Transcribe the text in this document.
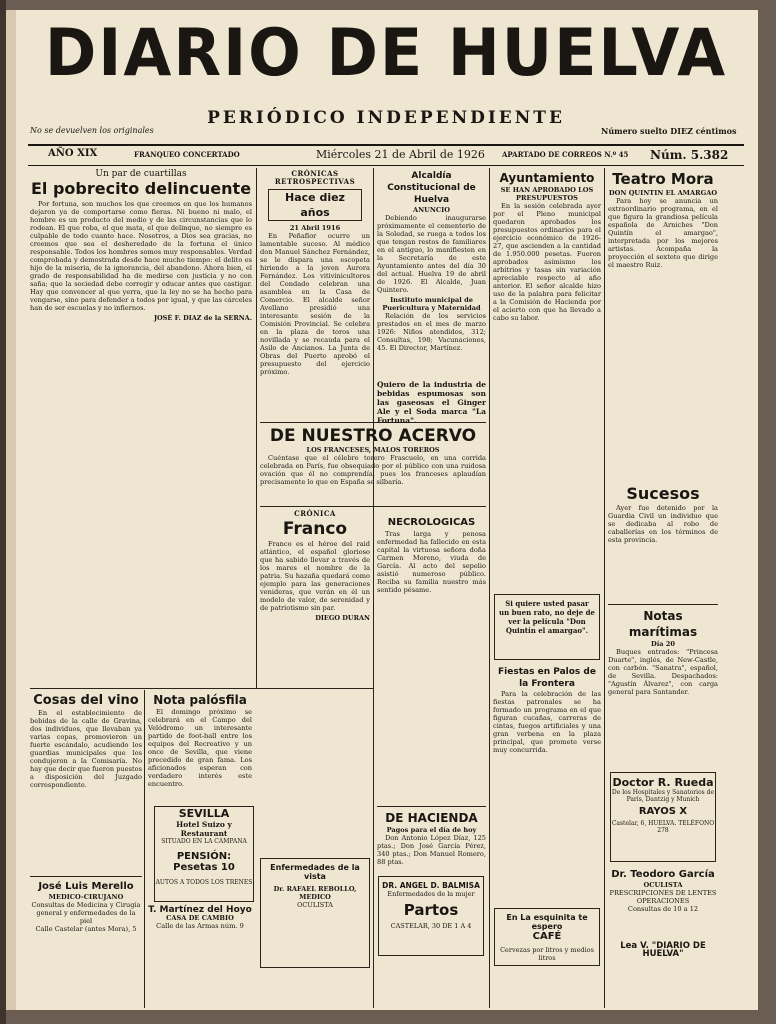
DIARIO DE HUELVA
PERIÓDICO INDEPENDIENTE
No se devuelven los originales	Número suelto DIEZ céntimos
AÑO XIX	FRANQUEO CONCERTADO	Miércoles 21 de Abril de 1926 APARTADO DE CORREOS N.º 45 Núm. 5.382
Un par de cuartillas
El pobrecito delincuente

Por fortuna, son muchos los que creemos en que los humanos dejaron ya de comportarse como fieras. Ni bueno ni malo, el hombre es un producto del medio y de las circunstancias que lo rodean. El que roba, el que mata, el que delinque, no siempre es culpable de todo cuanto hace. Nosotros, a Dios sea gracias, no creemos que sea el desheredado de la fortuna el único responsable. Todos los hombres somos muy responsables. Verdad comprobada y demostrada desde hace mucho tiempo: el delito es hijo de la miseria, de la ignorancia, del abandono. Ahora bien, el grado de responsabilidad ha de medirse con justicia y no con saña; que la sociedad debe corregir y educar antes que castigar. Hay que convencer al que yerra, que la ley no se ha hecho para vengarse, sino para defender a todos por igual, y que las cárceles han de ser escuelas y no infiernos.

JOSÉ F. DIAZ de la SERNA.
Cosas del vino

En el establecimiento de bebidas de la calle de Gravina, dos individuos, que llevaban ya varias copas, promovieron un fuerte escándalo, acudiendo los guardias municipales que los condujeron a la Comisaría. No hay que decir que fueron puestos a disposición del Juzgado correspondiente.

José Luis Merello
MEDICO-CIRUJANO
Consultas de Medicina y Cirugía general y enfermedades de la piel
Calle Castelar (antes Mora), 5
CRÓNICAS RETROSPECTIVAS
Hace diez años
21 Abril 1916

En Peñaflor ocurre un lamentable suceso. Al médico don Manuel Sánchez Fernández, se le dispara una escopeta hiriendo a la joven Aurora Fernández. Los vitivinicultores del Condado celebran una asamblea en la Casa de Comercio. El alcalde señor Avellano presidió una interesante sesión de la Comisión Provincial. Se celebra en la plaza de toros una novillada y se recauda para el Asilo de Ancianos. La Junta de Obras del Puerto aprobó el presupuesto del ejercicio próximo.

Nota palósfila

El domingo próximo se celebrará en el Campo del Velódromo un interesante partido de foot-ball entre los equipos del Recreativo y un once de Sevilla, que viene precedido de gran fama. Los aficionados esperan con verdadero interés este encuentro.

SEVILLA
Hotel Suizo y Restaurant
SITUADO EN LA CAMPANA
PENSIÓN: Pesetas 10
AUTOS A TODOS LOS TRENES
T. Martínez del Hoyo
CASA DE CAMBIO
Calle de las Armas núm. 9
DE NUESTRO ACERVO
LOS FRANCESES, MALOS TOREROS

Cuéntase que el célebre torero Frascuelo, en una corrida celebrada en París, fue obsequiado por el público con una ruidosa ovación que él no comprendía, pues los franceses aplaudían precisamente lo que en España se silbaría.

CRÓNICA
Franco

Franco es el héroe del raid atlántico, el español glorioso que ha sabido llevar a través de los mares el nombre de la patria. Su hazaña quedará como ejemplo para las generaciones venideras, que verán en él un modelo de valor, de serenidad y de patriotismo sin par.

DIEGO DURAN
Enfermedades de la vista
Dr. RAFAEL REBOLLO, MEDICO
OCULISTA
Alcaldía Constitucional de Huelva
ANUNCIO

Debiendo inaugurarse próximamente el cementerio de la Soledad, se ruega a todos los que tengan restos de familiares en el antiguo, lo manifiesten en la Secretaría de este Ayuntamiento antes del día 30 del actual. Huelva 19 de abril de 1926. El Alcalde, Juan Quintero.

Instituto municipal de Puericultura y Maternidad

Relación de los servicios prestados en el mes de marzo 1926: Niños atendidos, 312; Consultas, 198; Vacunaciones, 45. El Director, Martínez.

Quiero de la industria de bebidas espumosas son las gaseosas el Ginger Ale y el Soda marca "La Fortuna".
NECROLOGICAS

Tras larga y penosa enfermedad ha fallecido en esta capital la virtuosa señora doña Carmen Moreno, viuda de García. Al acto del sepelio asistió numeroso público. Reciba su familia nuestro más sentido pésame.

DE HACIENDA
Pagos para el día de hoy

Don Antonio López Díaz, 125 ptas.; Don José García Pérez, 340 ptas.; Don Manuel Romero, 88 ptas.

DR. ANGEL D. BALMISA
Enfermedades de la mujer
Partos
CASTELAR, 30 DE 1 A 4
Ayuntamiento
SE HAN APROBADO LOS PRESUPUESTOS

En la sesión celebrada ayer por el Pleno municipal quedaron aprobados los presupuestos ordinarios para el ejercicio económico de 1926-27, que ascienden a la cantidad de 1.950.000 pesetas. Fueron aprobados asimismo los arbitrios y tasas sin variación apreciable respecto al año anterior. El señor alcalde hizo uso de la palabra para felicitar a la Comisión de Hacienda por el acierto con que ha llevado a cabo su labor.

Si quiere usted pasar un buen rato, no deje de ver la película "Don Quintín el amargao".
Fiestas en Palos de la Frontera

Para la celebración de las fiestas patronales se ha formado un programa en el que figuran cucañas, carreras de cintas, fuegos artificiales y una gran verbena en la plaza principal, que promete verse muy concurrida.

En La esquinita te espero
CAFÉ
Cervezas por litros y medios litros
Teatro Mora
DON QUINTIN EL AMARGAO

Para hoy se anuncia un extraordinario programa, en el que figura la grandiosa película española de Arniches "Don Quintín el amargao", interpretada por los mejores artistas. Acompaña la proyección el sexteto que dirige el maestro Ruiz.

Sucesos

Ayer fue detenido por la Guardia Civil un individuo que se dedicaba al robo de caballerías en los términos de esta provincia.

Notas marítimas
Día 20

Buques entrados: "Princesa Duarte", inglés, de New-Castle, con carbón. "Sanatra", español, de Sevilla. Despachados: "Agustín Álvarez", con carga general para Santander.

Doctor R. Rueda
De los Hospitales y Sanatorios de París, Dantzig y Munich
RAYOS X
Castelar, 6, HUELVA. TELÉFONO 278
Dr. Teodoro García
OCULISTA
PRESCRIPCIONES DE LENTES OPERACIONES
Consultas de 10 a 12
Lea V. "DIARIO DE HUELVA"
